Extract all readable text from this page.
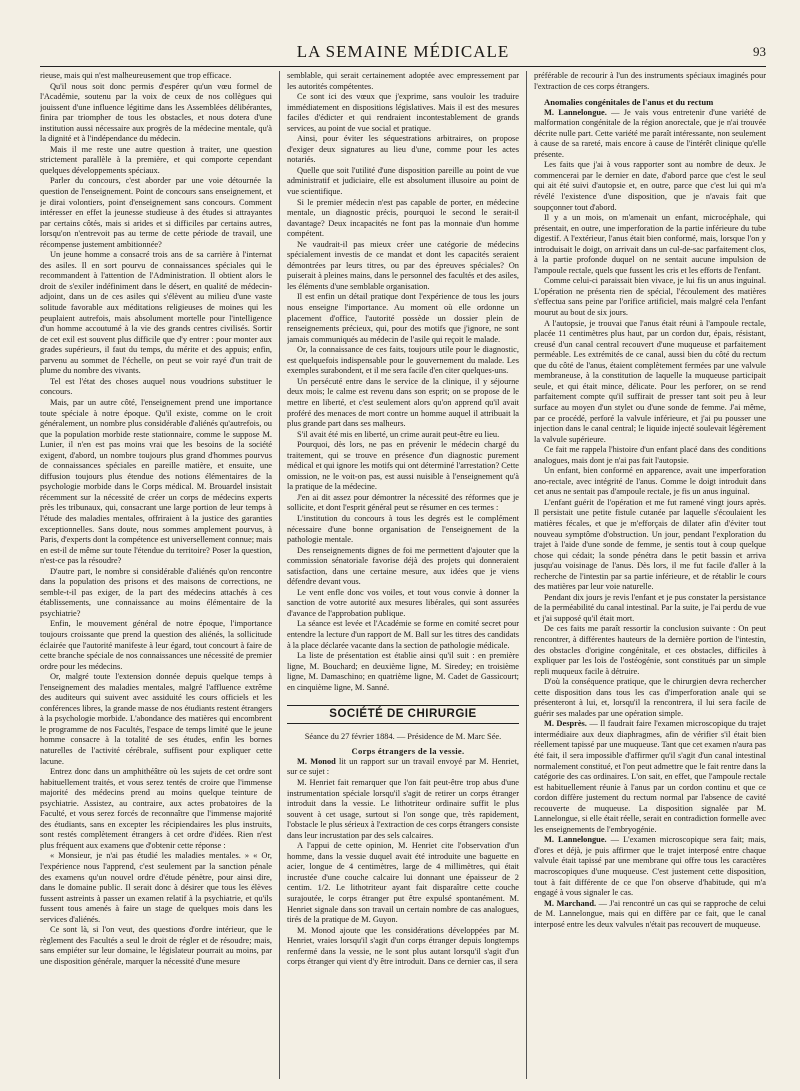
LA SEMAINE MÉDICALE	93

rieuse, mais qui n'est malheureusement que trop efficace.

Qu'il nous soit donc permis d'espérer qu'un vœu formel de l'Académie, soutenu par la voix de ceux de nos collègues qui jouissent d'une influence légitime dans les Assemblées délibérantes, finira par triompher de tous les obstacles, et nous dotera d'une institution aussi nécessaire aux progrès de la médecine mentale, qu'à la dignité et à l'indépendance du médecin.

Mais il me reste une autre question à traiter, une question strictement parallèle à la première, et qui comporte cependant quelques développements spéciaux.

Parler du concours, c'est aborder par une voie détournée la question de l'enseignement. Point de concours sans enseignement, et je dirai volontiers, point d'enseignement sans concours. Comment intéresser en effet la jeunesse studieuse à des études si attrayantes par certains côtés, mais si arides et si difficiles par certains autres, lorsqu'on n'entrevoit pas au terme de cette période de travail, une récompense justement ambitionnée?

Un jeune homme a consacré trois ans de sa carrière à l'internat des asiles. Il en sort pourvu de connaissances spéciales qui le recommandent à l'attention de l'Administration. Il obtient alors le droit de s'exiler indéfiniment dans le désert, en qualité de médecin-adjoint, dans un de ces asiles qui s'élèvent au milieu d'une vaste solitude favorable aux méditations religieuses de moines qui les peuplaient autrefois, mais absolument mortelle pour l'intelligence d'un homme accoutumé à la vie des grands centres civilisés. Sortir de cet exil est souvent plus difficile que d'y entrer : pour monter aux grades supérieurs, il faut du temps, du mérite et des appuis; enfin, parvenu au sommet de l'échelle, on peut se voir rayé d'un trait de plume du nombre des vivants.

Tel est l'état des choses auquel nous voudrions substituer le concours.

Mais, par un autre côté, l'enseignement prend une importance toute spéciale à notre époque. Qu'il existe, comme on le croit généralement, un nombre plus considérable d'aliénés qu'autrefois, ou que la population morbide reste stationnaire, comme le suppose M. Lunier, il n'en est pas moins vrai que les besoins de la société exigent, d'abord, un nombre toujours plus grand d'hommes pourvus de connaissances spéciales en pareille matière, et ensuite, une diffusion toujours plus étendue des notions élémentaires de la psychologie morbide dans le Corps médical. M. Brouardel insistait récemment sur la nécessité de créer un corps de médecins experts près les tribunaux, qui, consacrant une large portion de leur temps à l'étude des maladies mentales, offriraient à la justice des garanties exceptionnelles. Sans doute, nous sommes amplement pourvus, à Paris, d'experts dont la compétence est universellement connue; mais en est-il de même sur toute l'étendue du territoire? Poser la question, n'est-ce pas la résoudre?

D'autre part, le nombre si considérable d'aliénés qu'on rencontre dans la population des prisons et des maisons de corrections, ne semble-t-il pas exiger, de la part des médecins attachés à ces établissements, une connaissance au moins élémentaire de la psychiatrie?

Enfin, le mouvement général de notre époque, l'importance toujours croissante que prend la question des aliénés, la sollicitude éclairée que l'autorité manifeste à leur égard, tout concourt à faire de cette branche spéciale de nos connaissances une nécessité de premier ordre pour les médecins.

Or, malgré toute l'extension donnée depuis quelque temps à l'enseignement des maladies mentales, malgré l'affluence extrême des auditeurs qui suivent avec assiduité les cours officiels et les conférences libres, la grande masse de nos étudiants restent étrangers à la psychologie morbide. L'abondance des matières qui encombrent le programme de nos Facultés, l'espace de temps limité que le jeune homme consacre à la totalité de ses études, enfin les bornes naturelles de l'activité cérébrale, suffisent pour expliquer cette lacune.

Entrez donc dans un amphithéâtre où les sujets de cet ordre sont habituellement traités, et vous serez tentés de croire que l'immense majorité des médecins prend au moins quelque teinture de psychiatrie. Assistez, au contraire, aux actes probatoires de la Faculté, et vous serez forcés de reconnaître que l'immense majorité des étudiants, sans en excepter les récipiendaires les plus instruits, sont restés complètement étrangers à cet ordre d'idées. Rien n'est plus fréquent aux examens que d'obtenir cette réponse :

« Monsieur, je n'ai pas étudié les maladies mentales. » « Or, l'expérience nous l'apprend, c'est seulement par la sanction pénale des examens qu'un nouvel ordre d'étude pénètre, pour ainsi dire, dans le domaine public. Il serait donc à désirer que tous les élèves fussent astreints à passer un examen relatif à la psychiatrie, et qu'ils fussent tous amenés à faire un stage de quelques mois dans les services d'aliénés.

Ce sont là, si l'on veut, des questions d'ordre intérieur, que le règlement des Facultés a seul le droit de régler et de résoudre; mais, sans empiéter sur leur domaine, le législateur pourrait au moins, par une disposition générale, marquer la nécessité d'une mesure

semblable, qui serait certainement adoptée avec empressement par les autorités compétentes.

Ce sont ici des vœux que j'exprime, sans vouloir les traduire immédiatement en dispositions législatives. Mais il est des mesures faciles d'édicter et qui rendraient incontestablement de grands services, au point de vue social et pratique.

Ainsi, pour éviter les séquestrations arbitraires, on propose d'exiger deux signatures au lieu d'une, comme pour les actes notariés.

Quelle que soit l'utilité d'une disposition pareille au point de vue administratif et judiciaire, elle est absolument illusoire au point de vue scientifique.

Si le premier médecin n'est pas capable de porter, en médecine mentale, un diagnostic précis, pourquoi le second le serait-il davantage? Deux incapacités ne font pas la monnaie d'un homme compétent.

Ne vaudrait-il pas mieux créer une catégorie de médecins spécialement investis de ce mandat et dont les capacités seraient démontrées par leurs titres, ou par des épreuves spéciales? On puiserait à pleines mains, dans le personnel des facultés et des asiles, les éléments d'une semblable organisation.

Il est enfin un détail pratique dont l'expérience de tous les jours nous enseigne l'importance. Au moment où elle ordonne un placement d'office, l'autorité possède un dossier plein de renseignements précieux, qui, pour des motifs que j'ignore, ne sont jamais communiqués au médecin de l'asile qui reçoit le malade.

Or, la connaissance de ces faits, toujours utile pour le diagnostic, est quelquefois indispensable pour le gouvernement du malade. Les exemples surabondent, et il me sera facile d'en citer quelques-uns.

Un persécuté entre dans le service de la clinique, il y séjourne deux mois; le calme est revenu dans son esprit; on se propose de le mettre en liberté, et c'est seulement alors qu'on apprend qu'il avait proféré des menaces de mort contre un homme auquel il attribuait la plus grande part dans ses malheurs.

S'il avait été mis en liberté, un crime aurait peut-être eu lieu.

Pourquoi, dès lors, ne pas en prévenir le médecin chargé du traitement, qui se trouve en présence d'un diagnostic purement médical et qui ignore les motifs qui ont déterminé l'arrestation? Cette omission, ne le voit-on pas, est aussi nuisible à l'enseignement qu'à la pratique de la médecine.

J'en ai dit assez pour démontrer la nécessité des réformes que je sollicite, et dont l'esprit général peut se résumer en ces termes :

L'institution du concours à tous les degrés est le complément nécessaire d'une bonne organisation de l'enseignement de la pathologie mentale.

Des renseignements dignes de foi me permettent d'ajouter que la commission sénatoriale favorise déjà des projets qui donneraient satisfaction, dans une certaine mesure, aux idées que je viens défendre devant vous.

Le vent enfle donc vos voiles, et tout vous convie à donner la sanction de votre autorité aux mesures libérales, qui sont assurées d'avance de l'approbation publique.

La séance est levée et l'Académie se forme en comité secret pour entendre la lecture d'un rapport de M. Ball sur les titres des candidats à la place déclarée vacante dans la section de pathologie médicale.

La liste de présentation est établie ainsi qu'il suit : en première ligne, M. Bouchard; en deuxième ligne, M. Siredey; en troisième ligne, M. Damaschino; en quatrième ligne, M. Cadet de Gassicourt; en cinquième ligne, M. Sanné.

SOCIÉTÉ DE CHIRURGIE

Séance du 27 février 1884. — Présidence de M. Marc Sée.

Corps étrangers de la vessie.

M. Monod lit un rapport sur un travail envoyé par M. Henriet, sur ce sujet :

M. Henriet fait remarquer que l'on fait peut-être trop abus d'une instrumentation spéciale lorsqu'il s'agit de retirer un corps étranger introduit dans la vessie. Le lithotriteur ordinaire suffit le plus souvent à cet usage, surtout si l'on songe que, très rapidement, l'obstacle le plus sérieux à l'extraction de ces corps étrangers consiste dans leur incrustation par des sels calcaires.

A l'appui de cette opinion, M. Henriet cite l'observation d'un homme, dans la vessie duquel avait été introduite une baguette en acier, longue de 4 centimètres, large de 4 millimètres, qui était incrustée d'une couche calcaire lui donnant une épaisseur de 2 centim. 1/2. Le lithotriteur ayant fait disparaître cette couche surajoutée, le corps étranger put être expulsé spontanément. M. Henriet signale dans son travail un certain nombre de cas analogues, tirés de la pratique de M. Guyon.

M. Monod ajoute que les considérations développées par M. Henriet, vraies lorsqu'il s'agit d'un corps étranger depuis longtemps renfermé dans la vessie, ne le sont plus autant lorsqu'il s'agit d'un corps étranger qui vient d'y être introduit. Dans ce dernier cas, il sera

préférable de recourir à l'un des instruments spéciaux imaginés pour l'extraction de ces corps étrangers.

Anomalies congénitales de l'anus et du rectum

M. Lannelongue. — Je vais vous entretenir d'une variété de malformation congénitale de la région anorectale, que je n'ai trouvée décrite nulle part. Cette variété me paraît intéressante, non seulement à cause de sa rareté, mais encore à cause de l'intérêt clinique qu'elle présente.

Les faits que j'ai à vous rapporter sont au nombre de deux. Je commencerai par le dernier en date, d'abord parce que c'est le seul qui ait été suivi d'autopsie et, en outre, parce que c'est lui qui m'a révélé l'existence d'une disposition, que je n'avais fait que soupçonner tout d'abord.

Il y a un mois, on m'amenait un enfant, microcéphale, qui présentait, en outre, une imperforation de la partie inférieure du tube digestif. A l'extérieur, l'anus était bien conformé, mais, lorsque l'on y introduisait le doigt, on arrivait dans un cul-de-sac parfaitement clos, à la partie profonde duquel on ne sentait aucune impulsion de l'ampoule rectale, quels que fussent les cris et les efforts de l'enfant.

Comme celui-ci paraissait bien vivace, je lui fis un anus inguinal. L'opération ne présenta rien de spécial, l'écoulement des matières s'effectua sans peine par l'orifice artificiel, mais malgré cela l'enfant mourut au bout de six jours.

A l'autopsie, je trouvai que l'anus était réuni à l'ampoule rectale, placée 11 centimètres plus haut, par un cordon dur, épais, résistant, creusé d'un canal central recouvert d'une muqueuse et parfaitement perméable. Les extrémités de ce canal, aussi bien du côté du rectum que du côté de l'anus, étaient complètement fermées par une valvule membraneuse, à la constitution de laquelle la muqueuse participait seule, et qui était mince, délicate. Pour les perforer, on se rend parfaitement compte qu'il suffirait de presser tant soit peu à leur surface au moyen d'un stylet ou d'une sonde de femme. J'ai même, par ce procédé, perforé la valvule inférieure, et j'ai pu pousser une injection dans le canal central; le liquide injecté soulevait légèrement la valvule supérieure.

Ce fait me rappela l'histoire d'un enfant placé dans des conditions analogues, mais dont je n'ai pas fait l'autopsie.

Un enfant, bien conformé en apparence, avait une imperforation ano-rectale, avec intégrité de l'anus. Comme le doigt introduit dans cet anus ne sentait pas d'ampoule rectale, je fis un anus inguinal.

L'enfant guérit de l'opération et me fut ramené vingt jours après. Il persistait une petite fistule cutanée par laquelle s'écoulaient les matières fécales, et que je m'efforçais de dilater afin d'éviter tout nouveau symptôme d'obstruction. Un jour, pendant l'exploration du trajet à l'aide d'une sonde de femme, je sentis tout à coup quelque chose qui cédait; la sonde pénétra dans le petit bassin et arriva jusqu'au voisinage de l'anus. Dès lors, il me fut facile d'aller à la recherche de l'intestin par sa partie inférieure, et de rétablir le cours des matières par leur voie naturelle.

Pendant dix jours je revis l'enfant et je pus constater la persistance de la perméabilité du canal intestinal. Par la suite, je l'ai perdu de vue et j'ai supposé qu'il était mort.

De ces faits me paraît ressortir la conclusion suivante : On peut rencontrer, à différentes hauteurs de la dernière portion de l'intestin, des obstacles d'origine congénitale, et ces obstacles, difficiles à expliquer par les lois de l'ostéogénie, sont constitués par un simple repli muqueux facile à détruire.

D'où la conséquence pratique, que le chirurgien devra rechercher cette disposition dans tous les cas d'imperforation anale qui se présenteront à lui, et, lorsqu'il la rencontrera, il lui sera facile de guérir ses malades par une opération simple.

M. Desprès. — Il faudrait faire l'examen microscopique du trajet intermédiaire aux deux diaphragmes, afin de vérifier s'il était bien réellement tapissé par une muqueuse. Tant que cet examen n'aura pas été fait, il sera impossible d'affirmer qu'il s'agit d'un canal intestinal normalement constitué, et l'on peut admettre que le fait rentre dans la catégorie des cas ordinaires. L'on sait, en effet, que l'ampoule rectale est habituellement réunie à l'anus par un cordon continu et que ce cordon diffère justement du rectum normal par l'absence de cavité recouverte de muqueuse. La disposition signalée par M. Lannelongue, si elle était réelle, serait en contradiction formelle avec les enseignements de l'embryogénie.

M. Lannelongue. — L'examen microscopique sera fait; mais, d'ores et déjà, je puis affirmer que le trajet interposé entre chaque valvule était tapissé par une membrane qui offre tous les caractères macroscopiques d'une muqueuse. C'est justement cette disposition, tout à fait différente de ce que l'on observe d'habitude, qui m'a engagé à vous signaler le cas.

M. Marchand. — J'ai rencontré un cas qui se rapproche de celui de M. Lannelongue, mais qui en diffère par ce fait, que le canal interposé entre les deux valvules n'était pas recouvert de muqueuse.
